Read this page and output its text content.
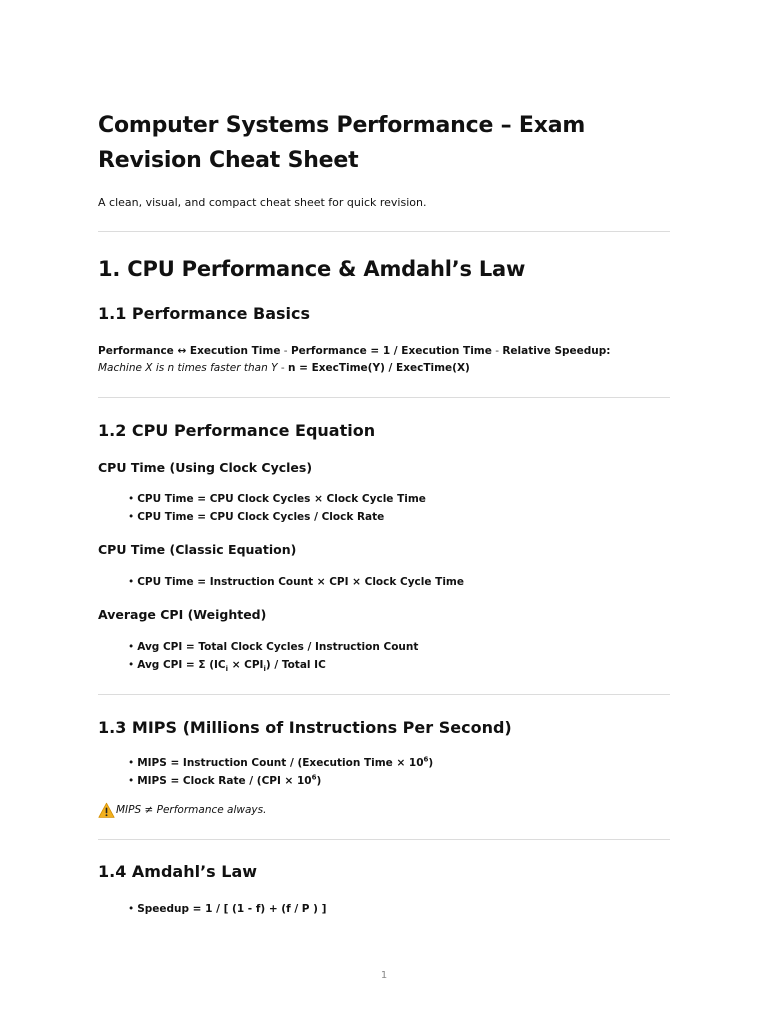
Computer Systems Performance – Exam Revision Cheat Sheet
A clean, visual, and compact cheat sheet for quick revision.
1. CPU Performance & Amdahl’s Law
1.1 Performance Basics
Performance ↔ Execution Time - Performance = 1 / Execution Time - Relative Speedup:
Machine X is n times faster than Y - n = ExecTime(Y) / ExecTime(X)
1.2 CPU Performance Equation
CPU Time (Using Clock Cycles)
• CPU Time = CPU Clock Cycles × Clock Cycle Time
• CPU Time = CPU Clock Cycles / Clock Rate
CPU Time (Classic Equation)
• CPU Time = Instruction Count × CPI × Clock Cycle Time
Average CPI (Weighted)
• Avg CPI = Total Clock Cycles / Instruction Count
• Avg CPI = Σ $(IC_i \times CPI_i)$ / Total IC
1.3 MIPS (Millions of Instructions Per Second)
• MIPS = Instruction Count / (Execution Time × $10^6$)
• MIPS = Clock Rate / $(CPI \times 10^6)$
MIPS ≠ Performance always.
1.4 Amdahl’s Law
• Speedup = 1 / [ (1 - f) + (f / P ) ]
1
